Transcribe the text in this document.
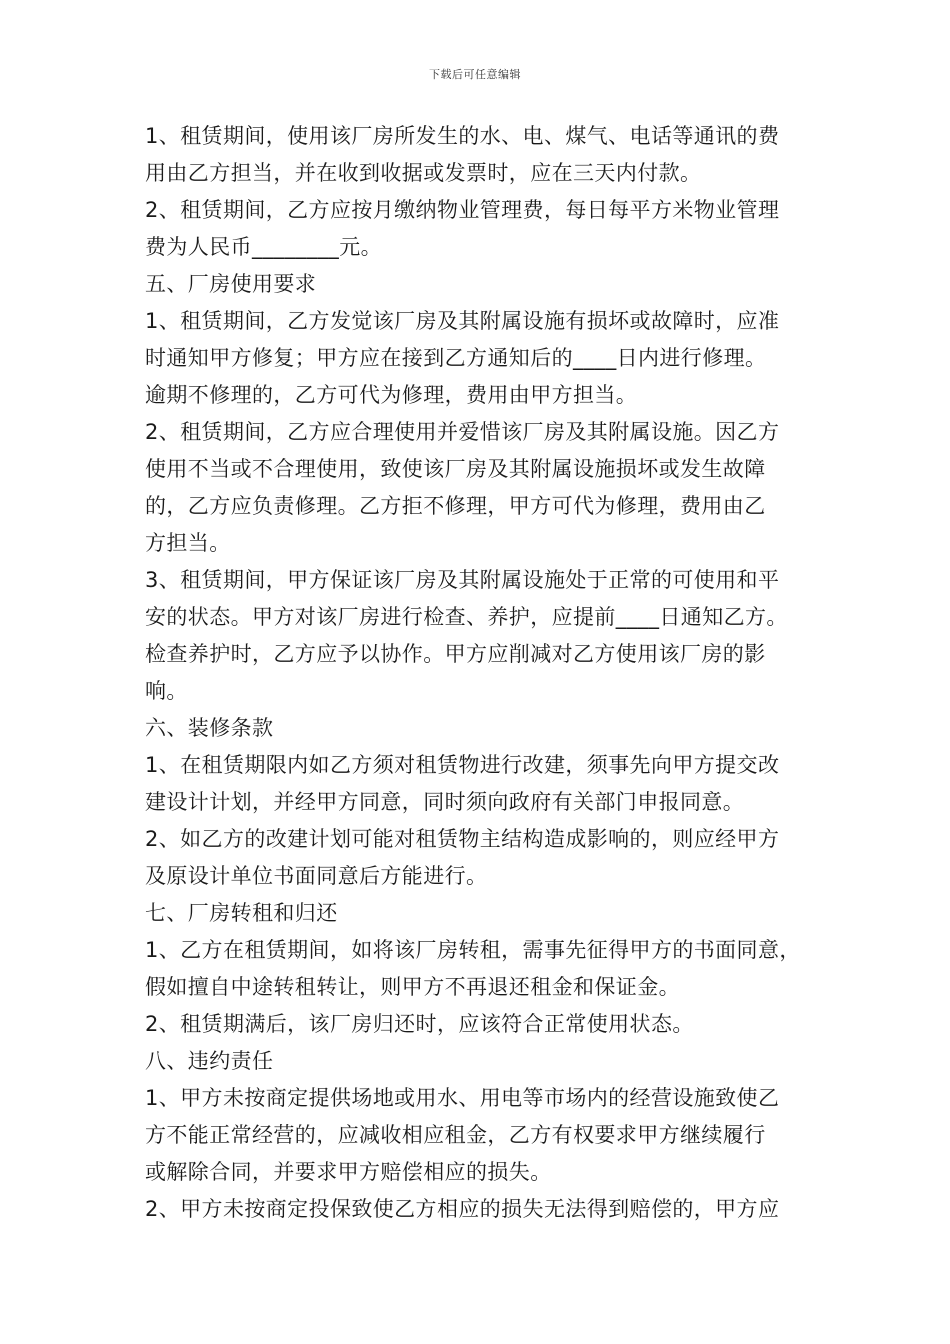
下载后可任意编辑
1、租赁期间，使用该厂房所发生的水、电、煤气、电话等通讯的费
用由乙方担当，并在收到收据或发票时，应在三天内付款。
2、租赁期间，乙方应按月缴纳物业管理费，每日每平方米物业管理
费为人民币________元。
五、厂房使用要求
1、租赁期间，乙方发觉该厂房及其附属设施有损坏或故障时，应准
时通知甲方修复；甲方应在接到乙方通知后的____日内进行修理。
逾期不修理的，乙方可代为修理，费用由甲方担当。
2、租赁期间，乙方应合理使用并爱惜该厂房及其附属设施。因乙方
使用不当或不合理使用，致使该厂房及其附属设施损坏或发生故障
的，乙方应负责修理。乙方拒不修理，甲方可代为修理，费用由乙
方担当。
3、租赁期间，甲方保证该厂房及其附属设施处于正常的可使用和平
安的状态。甲方对该厂房进行检查、养护，应提前____日通知乙方。
检查养护时，乙方应予以协作。甲方应削减对乙方使用该厂房的影
响。
六、装修条款
1、在租赁期限内如乙方须对租赁物进行改建，须事先向甲方提交改
建设计计划，并经甲方同意，同时须向政府有关部门申报同意。
2、如乙方的改建计划可能对租赁物主结构造成影响的，则应经甲方
及原设计单位书面同意后方能进行。
七、厂房转租和归还
1、乙方在租赁期间，如将该厂房转租，需事先征得甲方的书面同意，
假如擅自中途转租转让，则甲方不再退还租金和保证金。
2、租赁期满后，该厂房归还时，应该符合正常使用状态。
八、违约责任
1、甲方未按商定提供场地或用水、用电等市场内的经营设施致使乙
方不能正常经营的，应减收相应租金，乙方有权要求甲方继续履行
或解除合同，并要求甲方赔偿相应的损失。
2、甲方未按商定投保致使乙方相应的损失无法得到赔偿的，甲方应
